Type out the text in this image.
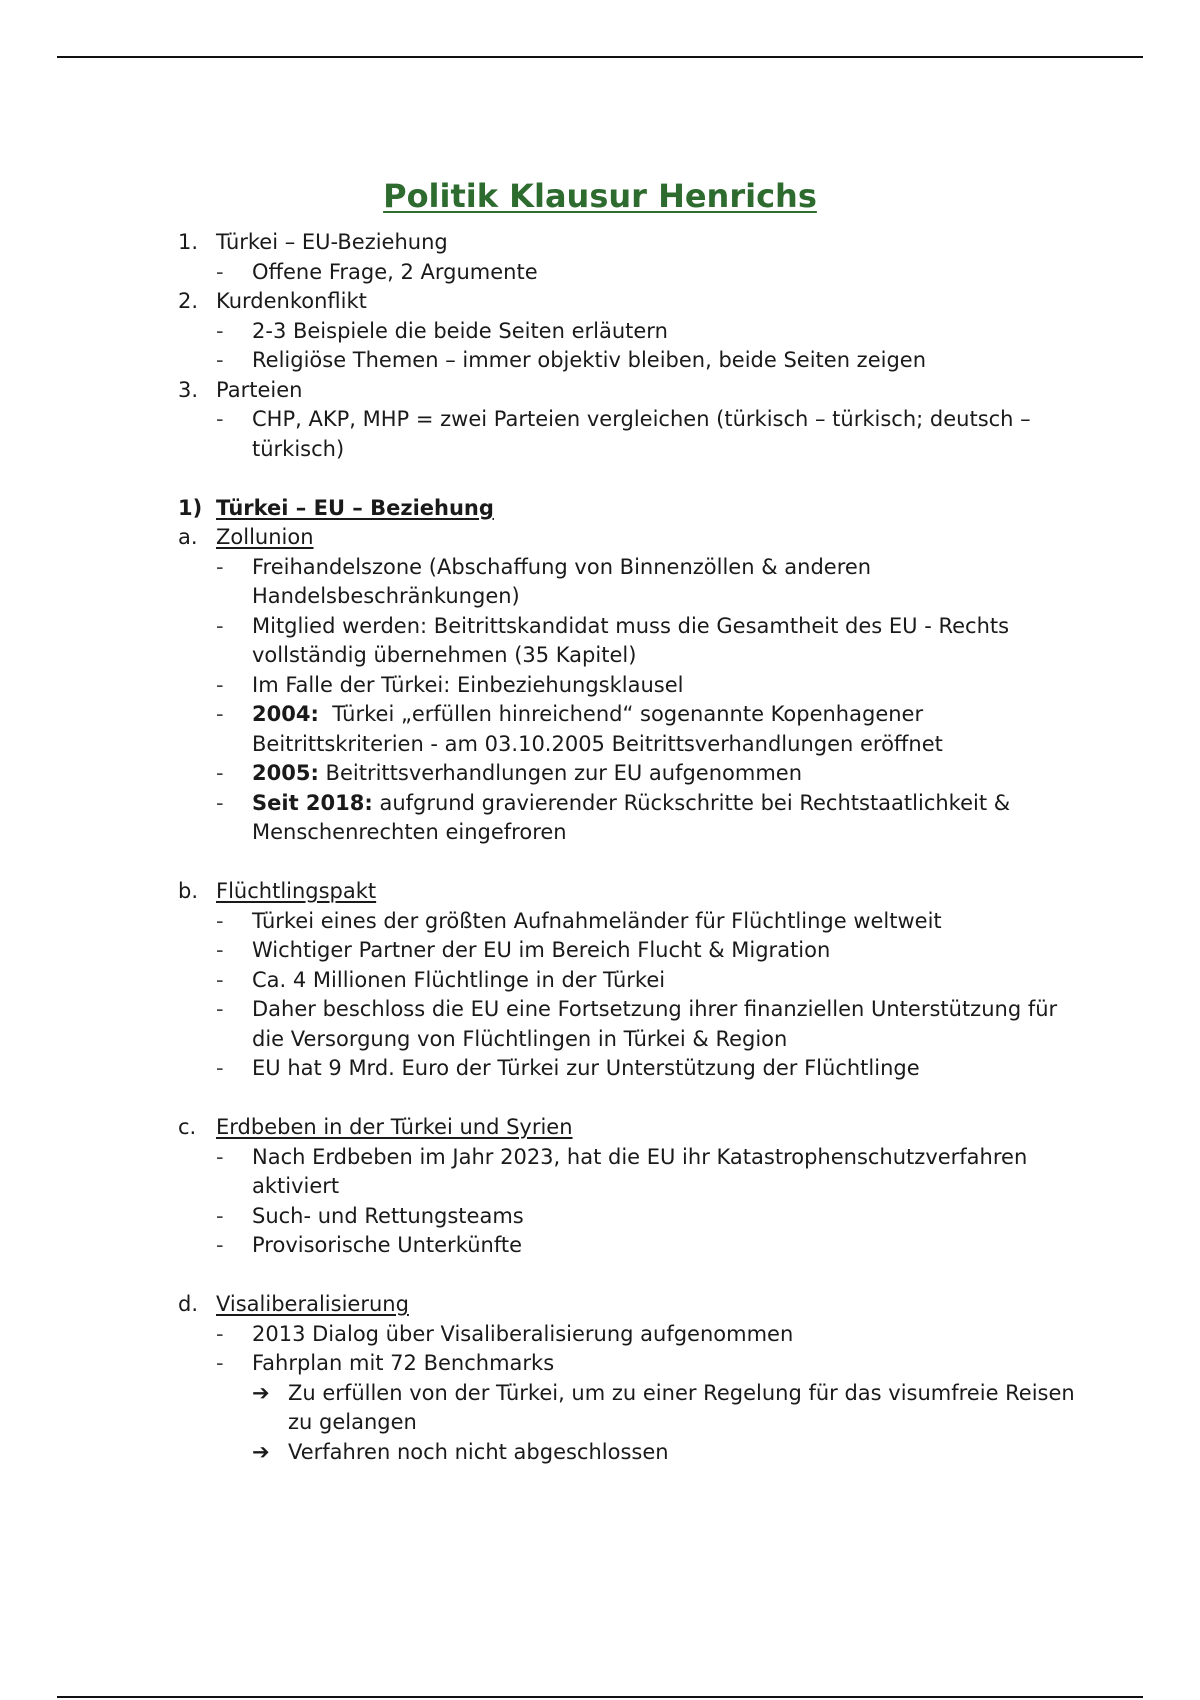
Politik Klausur Henrichs
1. Türkei – EU-Beziehung
-	Offene Frage, 2 Argumente
2. Kurdenkonflikt
-	2-3 Beispiele die beide Seiten erläutern
-	Religiöse Themen – immer objektiv bleiben, beide Seiten zeigen
3. Parteien
-	CHP, AKP, MHP = zwei Parteien vergleichen (türkisch – türkisch; deutsch – türkisch)
1) Türkei – EU – Beziehung
a. Zollunion
-	Freihandelszone (Abschaffung von Binnenzöllen & anderen Handelsbeschränkungen)
-	Mitglied werden: Beitrittskandidat muss die Gesamtheit des EU - Rechts vollständig übernehmen (35 Kapitel)
-	Im Falle der Türkei: Einbeziehungsklausel
-	2004: Türkei „erfüllen hinreichend“ sogenannte Kopenhagener Beitrittskriterien - am 03.10.2005 Beitrittsverhandlungen eröffnet
-	2005: Beitrittsverhandlungen zur EU aufgenommen
-	Seit 2018: aufgrund gravierender Rückschritte bei Rechtstaatlichkeit & Menschenrechten eingefroren
b. Flüchtlingspakt
-	Türkei eines der größten Aufnahmeländer für Flüchtlinge weltweit
-	Wichtiger Partner der EU im Bereich Flucht & Migration
-	Ca. 4 Millionen Flüchtlinge in der Türkei
-	Daher beschloss die EU eine Fortsetzung ihrer finanziellen Unterstützung für die Versorgung von Flüchtlingen in Türkei & Region
-	EU hat 9 Mrd. Euro der Türkei zur Unterstützung der Flüchtlinge
c. Erdbeben in der Türkei und Syrien
-	Nach Erdbeben im Jahr 2023, hat die EU ihr Katastrophenschutzverfahren aktiviert
-	Such- und Rettungsteams
-	Provisorische Unterkünfte
d. Visaliberalisierung
-	2013 Dialog über Visaliberalisierung aufgenommen
-	Fahrplan mit 72 Benchmarks
➔ Zu erfüllen von der Türkei, um zu einer Regelung für das visumfreie Reisen zu gelangen
➔ Verfahren noch nicht abgeschlossen
